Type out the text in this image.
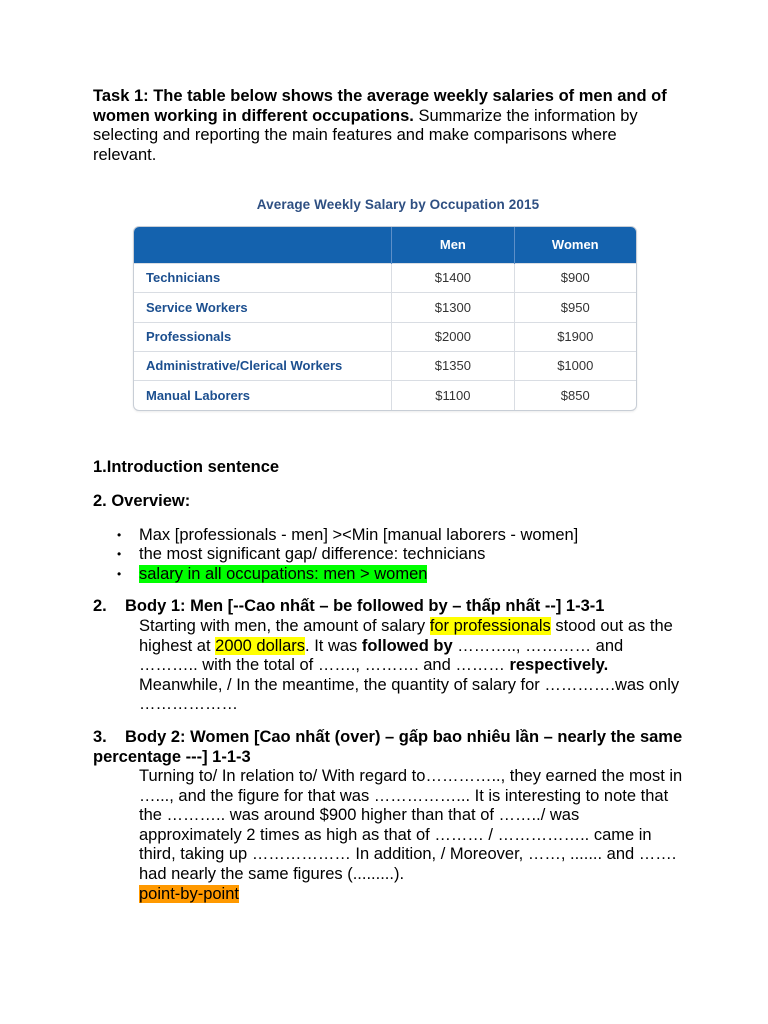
Task 1: The table below shows the average weekly salaries of men and of women working in different occupations. Summarize the information by selecting and reporting the main features and make comparisons where relevant.

Average Weekly Salary by Occupation 2015
	Men	Women
Technicians	$1400	$900
Service Workers	$1300	$950
Professionals	$2000	$1900
Administrative/Clerical Workers	$1350	$1000
Manual Laborers	$1100	$850
1.Introduction sentence
2. Overview:
• Max [professionals - men] ><Min [manual laborers - women]
• the most significant gap/ difference: technicians
• salary in all occupations: men > women
2. Body 1: Men [--Cao nhất – be followed by – thấp nhất --] 1-3-1

Starting with men, the amount of salary for professionals stood out as the highest at 2000 dollars. It was followed by ……….., ………… and ……….. with the total of ……., ………. and ……… respectively. Meanwhile, / In the meantime, the quantity of salary for ………….was only ………………

3. Body 2: Women [Cao nhất (over) – gấp bao nhiêu lần – nearly the same percentage ---] 1-1-3

Turning to/ In relation to/ With regard to………….., they earned the most in …..., and the figure for that was ……………... It is interesting to note that the ……….. was around $900 higher than that of ……../ was approximately 2 times as high as that of ……… / …………….. came in third, taking up ……………… In addition, / Moreover, ……, ....... and ……. had nearly the same figures (.........).

point-by-point
